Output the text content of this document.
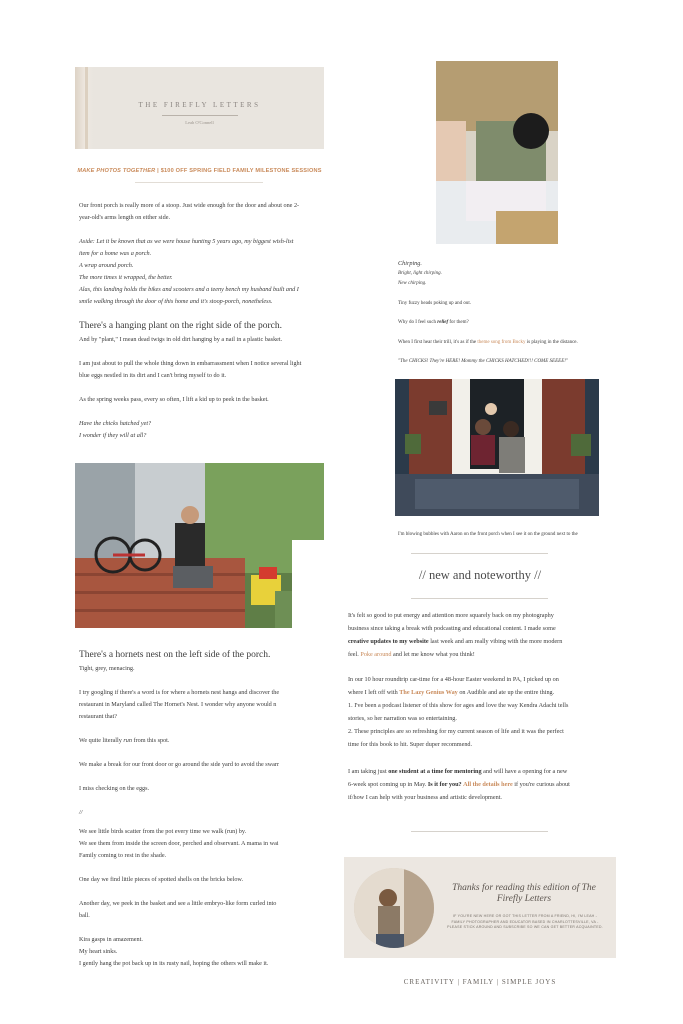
THE FIREFLY LETTERS
Leah O'Connell
MAKE PHOTOS TOGETHER | $100 OFF SPRING FIELD FAMILY MILESTONE SESSIONS
Our front porch is really more of a stoop. Just wide enough for the door and about one 2-
year-old's arms length on either side.
Aside: Let it be known that as we were house hunting 5 years ago, my biggest wish-list
item for a home was a porch.
A wrap around porch.
The more times it wrapped, the better.
Alas, this landing holds the bikes and scooters and a teeny bench my husband built and I
smile walking through the door of this home and it's stoop-porch, nonetheless.
There's a hanging plant on the right side of the porch.
And by "plant," I mean dead twigs in old dirt hanging by a nail in a plastic basket.
I am just about to pull the whole thing down in embarrassment when I notice several light
blue eggs nestled in its dirt and I can't bring myself to do it.
As the spring weeks pass, every so often, I lift a kid up to peek in the basket.
Have the chicks hatched yet?
I wonder if they will at all?
There's a hornets nest on the left side of the porch.
Tight, grey, menacing.
I try googling if there's a word is for where a hornets nest hangs and discover the
restaurant in Maryland called The Hornet's Nest. I wonder why anyone would n
restaurant that?
We quite literally run from this spot.
We make a break for our front door or go around the side yard to avoid the swarr
I miss checking on the eggs.
//
We see little birds scatter from the pot every time we walk (run) by.
We see them from inside the screen door, perched and observant. A mama in wai
Family coming to rest in the shade.
One day we find little pieces of spotted shells on the bricks below.
Another day, we peek in the basket and see a little embryo-like form curled into
ball.
Kira gasps in amazement.
My heart sinks.
I gently hang the pot back up in its rusty nail, hoping the others will make it.
Chirping.
Bright, light chirping.
New chirping.
Tiny fuzzy heads poking up and out.
Why do I feel such relief for them?
When I first hear their trill, it's as if the theme song from Bucky is playing in the distance.
"The CHICKS! They're HERE! Mommy the CHICKS HATCHED!!! COME SEEEE!"
I'm blowing bubbles with Aaron on the front porch when I see it on the ground next to the
// new and noteworthy //
It's felt so good to put energy and attention more squarely back on my photography
business since taking a break with podcasting and educational content. I made some
creative updates to my website last week and am really vibing with the more modern
feel. Poke around and let me know what you think!
In our 10 hour roundtrip car-time for a 48-hour Easter weekend in PA, I picked up on
where I left off with The Lazy Genius Way on Audible and ate up the entire thing.
1. I've been a podcast listener of this show for ages and love the way Kendra Adachi tells
stories, so her narration was so entertaining.
2. These principles are so refreshing for my current season of life and it was the perfect
time for this book to hit. Super duper recommend.
I am taking just one student at a time for mentoring and will have a opening for a new
6-week spot coming up in May. Is it for you? All the details here if you're curious about
if/how I can help with your business and artistic development.
Thanks for reading this edition of The Firefly Letters
IF YOU'RE NEW HERE OR GOT THIS LETTER FROM A FRIEND, HI, I'M LEAH - FAMILY PHOTOGRAPHER AND EDUCATOR BASED IN CHARLOTTESVILLE, VA - PLEASE STICK AROUND AND SUBSCRIBE SO WE CAN GET BETTER ACQUAINTED.
CREATIVITY | FAMILY | SIMPLE JOYS
